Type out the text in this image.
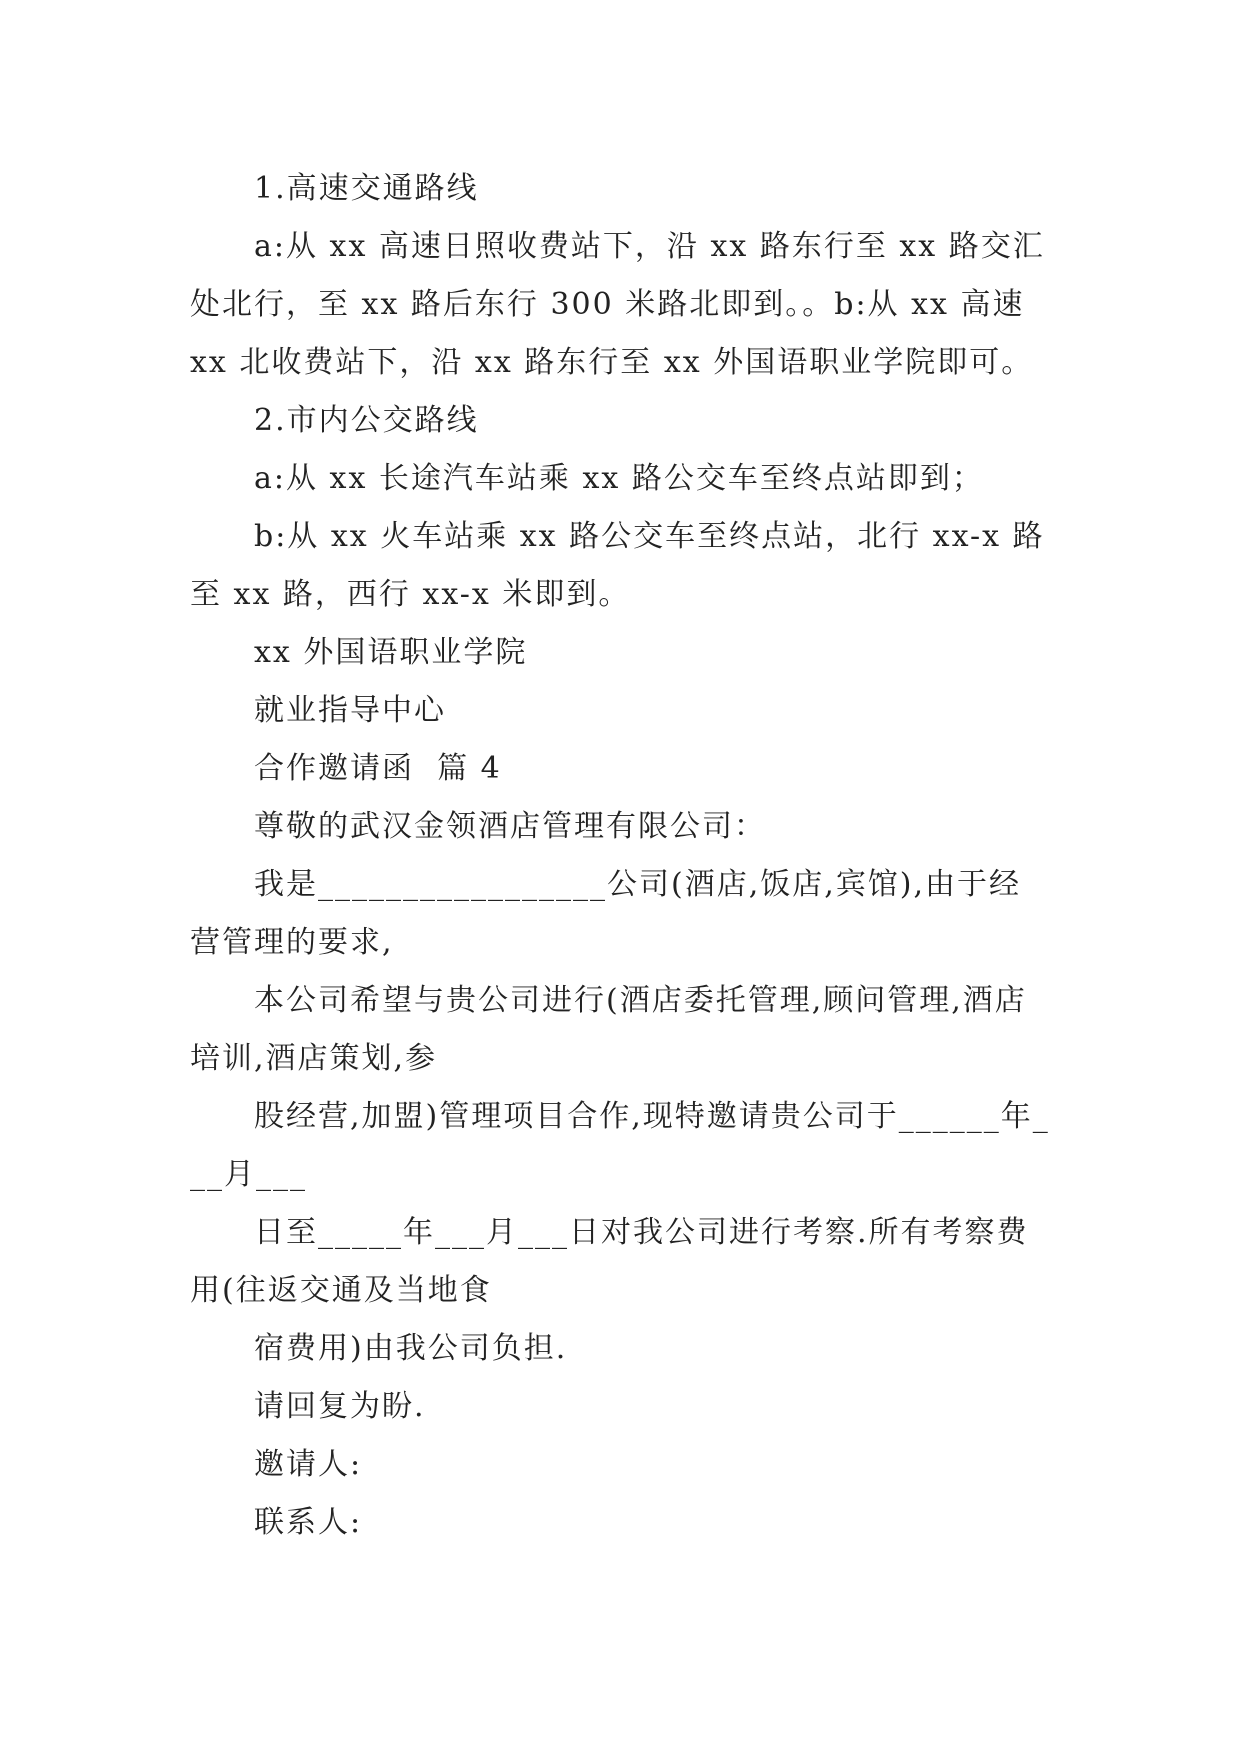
1.高速交通路线

a:从 xx 高速日照收费站下，沿 xx 路东行至 xx 路交汇处北行，至 xx 路后东行 300 米路北即到。。b:从 xx 高速 xx 北收费站下，沿 xx 路东行至 xx 外国语职业学院即可。

2.市内公交路线

a:从 xx 长途汽车站乘 xx 路公交车至终点站即到；

b:从 xx 火车站乘 xx 路公交车至终点站，北行 xx-x 路至 xx 路，西行 xx-x 米即到。

xx 外国语职业学院

就业指导中心

合作邀请函  篇 4

尊敬的武汉金领酒店管理有限公司：

我是_________________公司(酒店,饭店,宾馆),由于经营管理的要求,

本公司希望与贵公司进行(酒店委托管理,顾问管理,酒店培训,酒店策划,参

股经营,加盟)管理项目合作,现特邀请贵公司于______年___月___

日至_____年___月___日对我公司进行考察.所有考察费用(往返交通及当地食

宿费用)由我公司负担.

请回复为盼.

邀请人:

联系人:
